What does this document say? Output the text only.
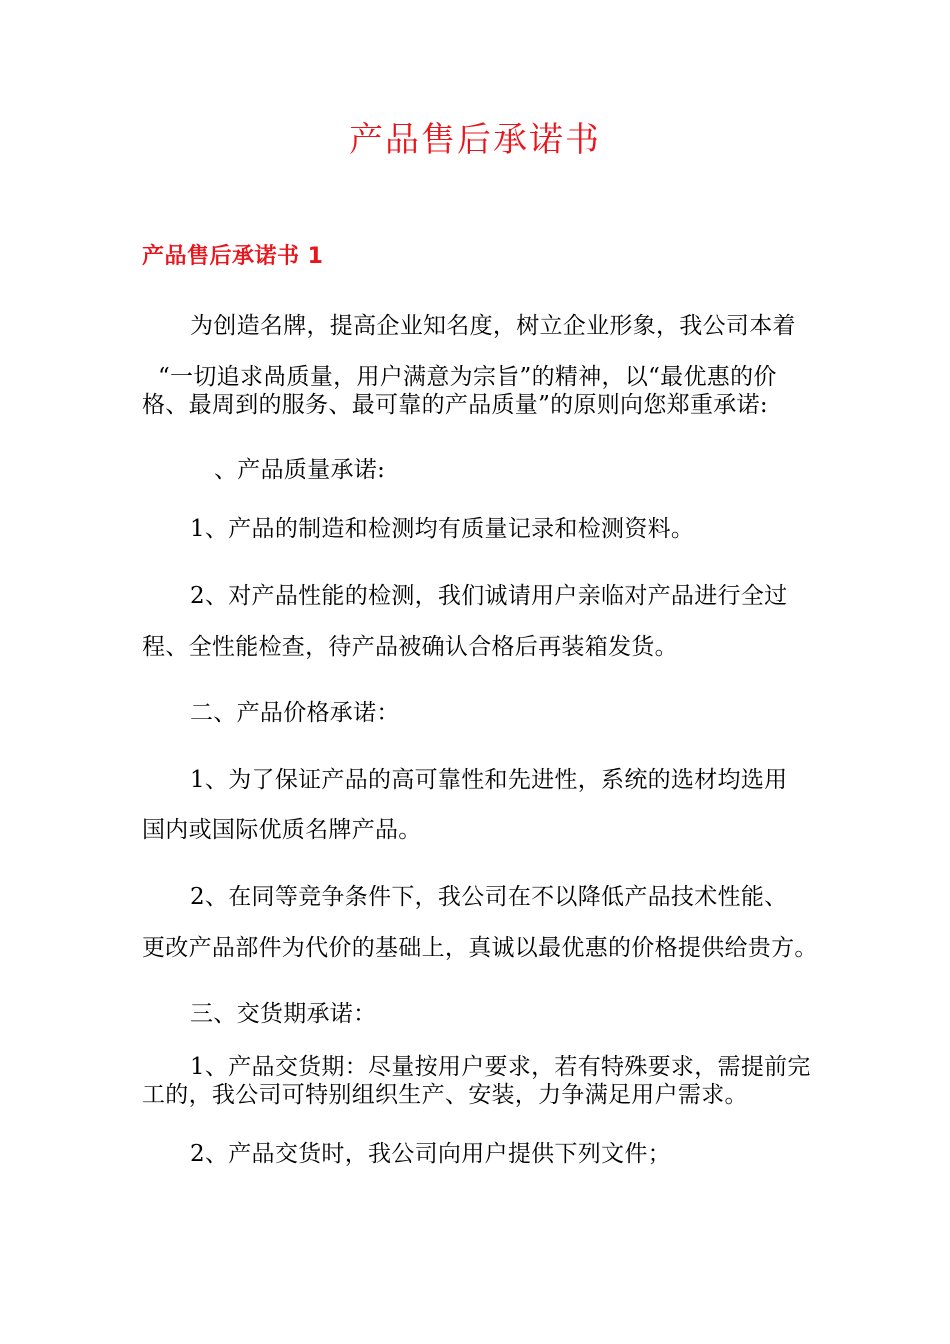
产品售后承诺书
产品售后承诺书 1
为创造名牌，提高企业知名度，树立企业形象，我公司本着
“一切追求咼质量，用户满意为宗旨”的精神，以“最优惠的价
格、最周到的服务、最可靠的产品质量”的原则向您郑重承诺:
、产品质量承诺:
1、产品的制造和检测均有质量记录和检测资料。
2、对产品性能的检测，我们诚请用户亲临对产品进行全过
程、全性能检查，待产品被确认合格后再装箱发货。
二、产品价格承诺：
1、为了保证产品的高可靠性和先进性，系统的选材均选用
国内或国际优质名牌产品。
2、在同等竞争条件下，我公司在不以降低产品技术性能、
更改产品部件为代价的基础上，真诚以最优惠的价格提供给贵方。
三、交货期承诺：
1、产品交货期：尽量按用户要求，若有特殊要求，需提前完
工的，我公司可特别组织生产、安装，力争满足用户需求。
2、产品交货时，我公司向用户提供下列文件；
